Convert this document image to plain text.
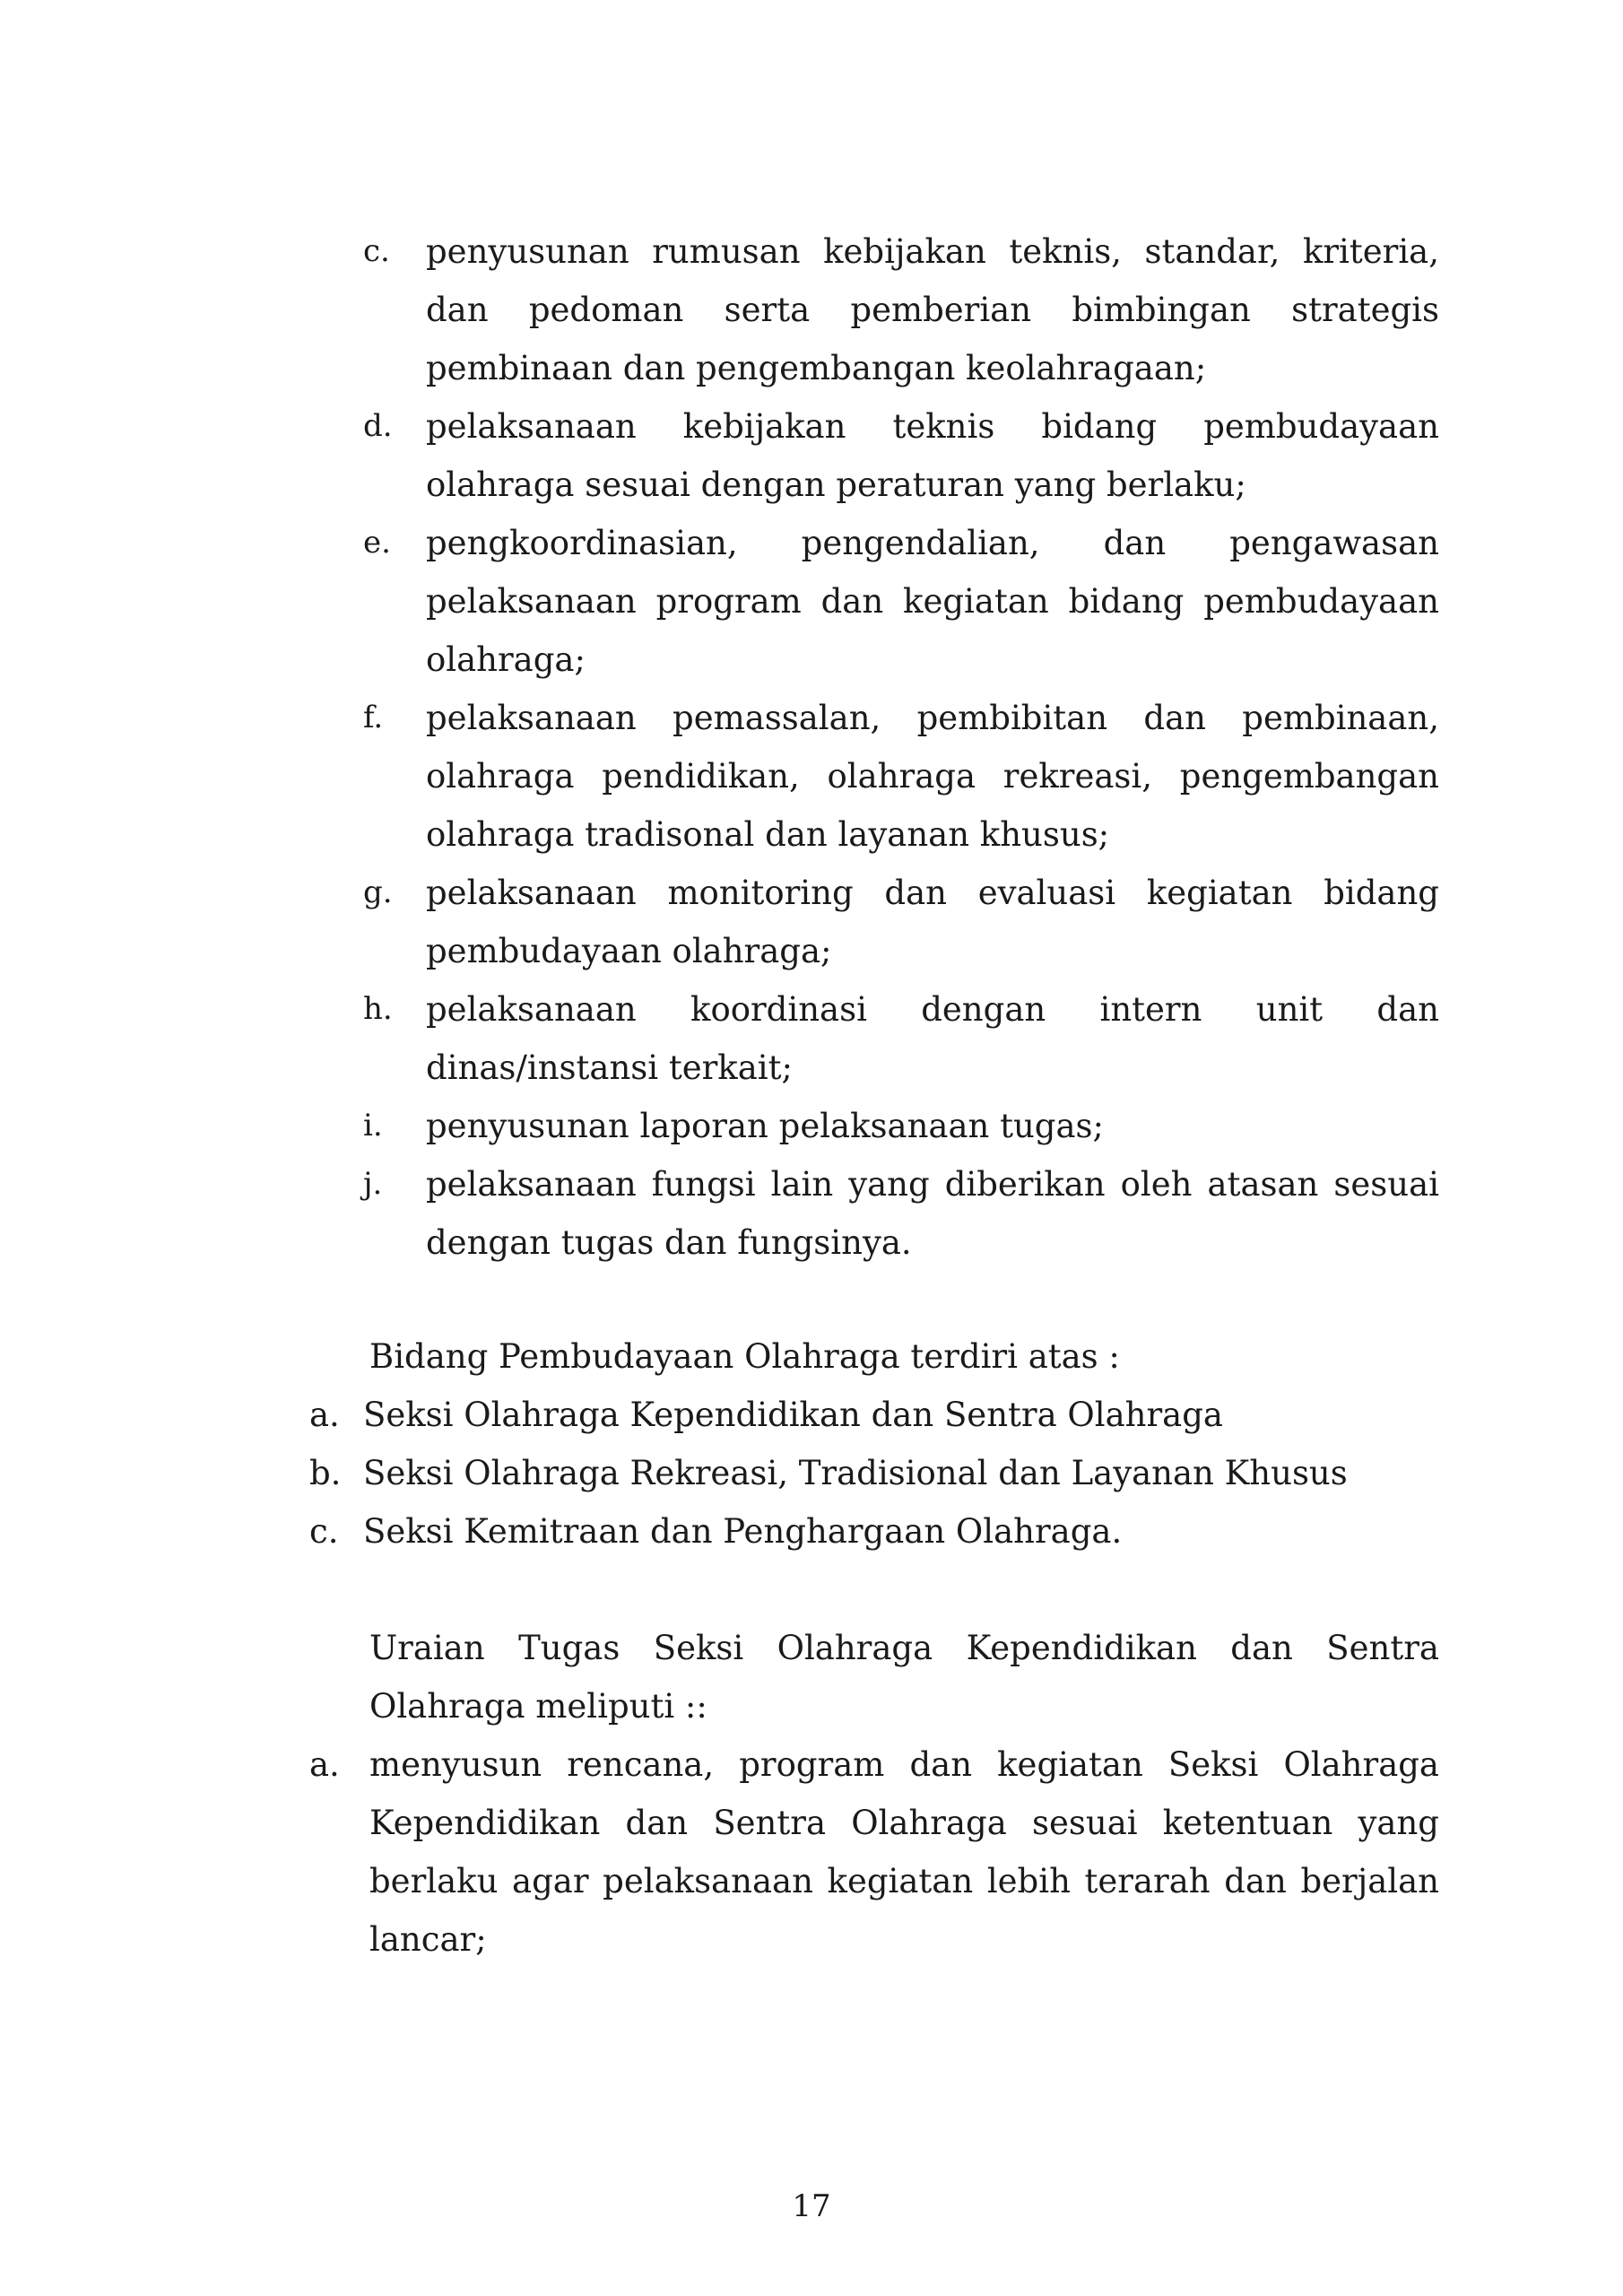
c. penyusunan rumusan kebijakan teknis, standar, kriteria, dan pedoman serta pemberian bimbingan strategis pembinaan dan pengembangan keolahragaan;
d. pelaksanaan kebijakan teknis bidang pembudayaan olahraga sesuai dengan peraturan yang berlaku;
e. pengkoordinasian, pengendalian, dan pengawasan pelaksanaan program dan kegiatan bidang pembudayaan olahraga;
f. pelaksanaan pemassalan, pembibitan dan pembinaan, olahraga pendidikan, olahraga rekreasi, pengembangan olahraga tradisonal dan layanan khusus;
g. pelaksanaan monitoring dan evaluasi kegiatan bidang pembudayaan olahraga;
h. pelaksanaan koordinasi dengan intern unit dan dinas/instansi terkait;
i. penyusunan laporan pelaksanaan tugas;
j. pelaksanaan fungsi lain yang diberikan oleh atasan sesuai dengan tugas dan fungsinya.

Bidang Pembudayaan Olahraga terdiri atas :

a. Seksi Olahraga Kependidikan dan Sentra Olahraga
b. Seksi Olahraga Rekreasi, Tradisional dan Layanan Khusus
c. Seksi Kemitraan dan Penghargaan Olahraga.

Uraian Tugas Seksi Olahraga Kependidikan dan Sentra Olahraga meliputi ::

a. menyusun rencana, program dan kegiatan Seksi Olahraga Kependidikan dan Sentra Olahraga sesuai ketentuan yang berlaku agar pelaksanaan kegiatan lebih terarah dan berjalan lancar;

17
